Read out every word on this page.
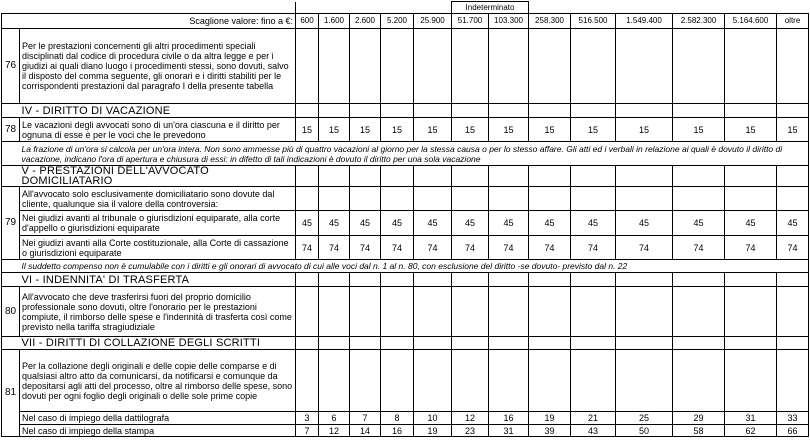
							Indeterminato							
Scaglione valore: fino a €:		600	1.600	2.600	5.200	25.900	51.700	103.300	258.300	516.500	1.549.400	2.582.300	5.164.600	oltre
76	Per le prestazioni concernenti gli altri procedimenti speciali disciplinati dal codice di procedura civile o da altra legge e per i giudizi ai quali diano luogo i procedimenti stessi, sono dovuti, salvo il disposto del comma seguente, gli onorari e i diritti stabiliti per le corrispondenti prestazioni dal paragrafo I della presente tabella													
	IV - DIRITTO DI VACAZIONE													
78	Le vacazioni degli avvocati sono di un'ora ciascuna e il diritto per ognuna di esse è per le voci che le prevedono	15	15	15	15	15	15	15	15	15	15	15	15	15
	La frazione di un'ora si calcola per un'ora intera. Non sono ammesse più di quattro vacazioni al giorno per la stessa causa o per lo stesso affare. Gli atti ed i verbali in relazione ai quali è dovuto il diritto di vacazione, indicano l'ora di apertura e chiusura di essi: in difetto di tali indicazioni è dovuto il diritto per una sola vacazione													
	V - PRESTAZIONI DELL'AVVOCATO DOMICILIATARIO													
79	All'avvocato solo esclusivamente domiciliatario sono dovute dal cliente, qualunque sia il valore della controversia:													
	Nei giudizi avanti al tribunale o giurisdizioni equiparate, alla corte d'appello o giurisdizioni equiparate	45	45	45	45	45	45	45	45	45	45	45	45	45
	Nei giudizi avanti alla Corte costituzionale, alla Corte di cassazione o giurisdizioni equiparate	74	74	74	74	74	74	74	74	74	74	74	74	74
	Il suddetto compenso non è cumulabile con i diritti e gli onorari di avvocato di cui alle voci dal n. 1 al n. 80, con esclusione del diritto -se dovuto- previsto dal n. 22													
	VI - INDENNITA' DI TRASFERTA													
80	All'avvocato che deve trasferirsi fuori del proprio domicilio professionale sono dovuti, oltre l'onorario per le prestazioni compiute, il rimborso delle spese e l'indennità di trasferta così come previsto nella tariffa stragiudiziale													
	VII - DIRITTI DI COLLAZIONE DEGLI SCRITTI													
81	Per la collazione degli originali e delle copie delle comparse e di qualsiasi altro atto da comunicarsi, da notificarsi e comunque da depositarsi agli atti del processo, oltre al rimborso delle spese, sono dovuti per ogni foglio degli originali o delle sole prime copie													
	Nel caso di impiego della dattilografa	3	6	7	8	10	12	16	19	21	25	29	31	33
	Nel caso di impiego della stampa	7	12	14	16	19	23	31	39	43	50	58	62	66
